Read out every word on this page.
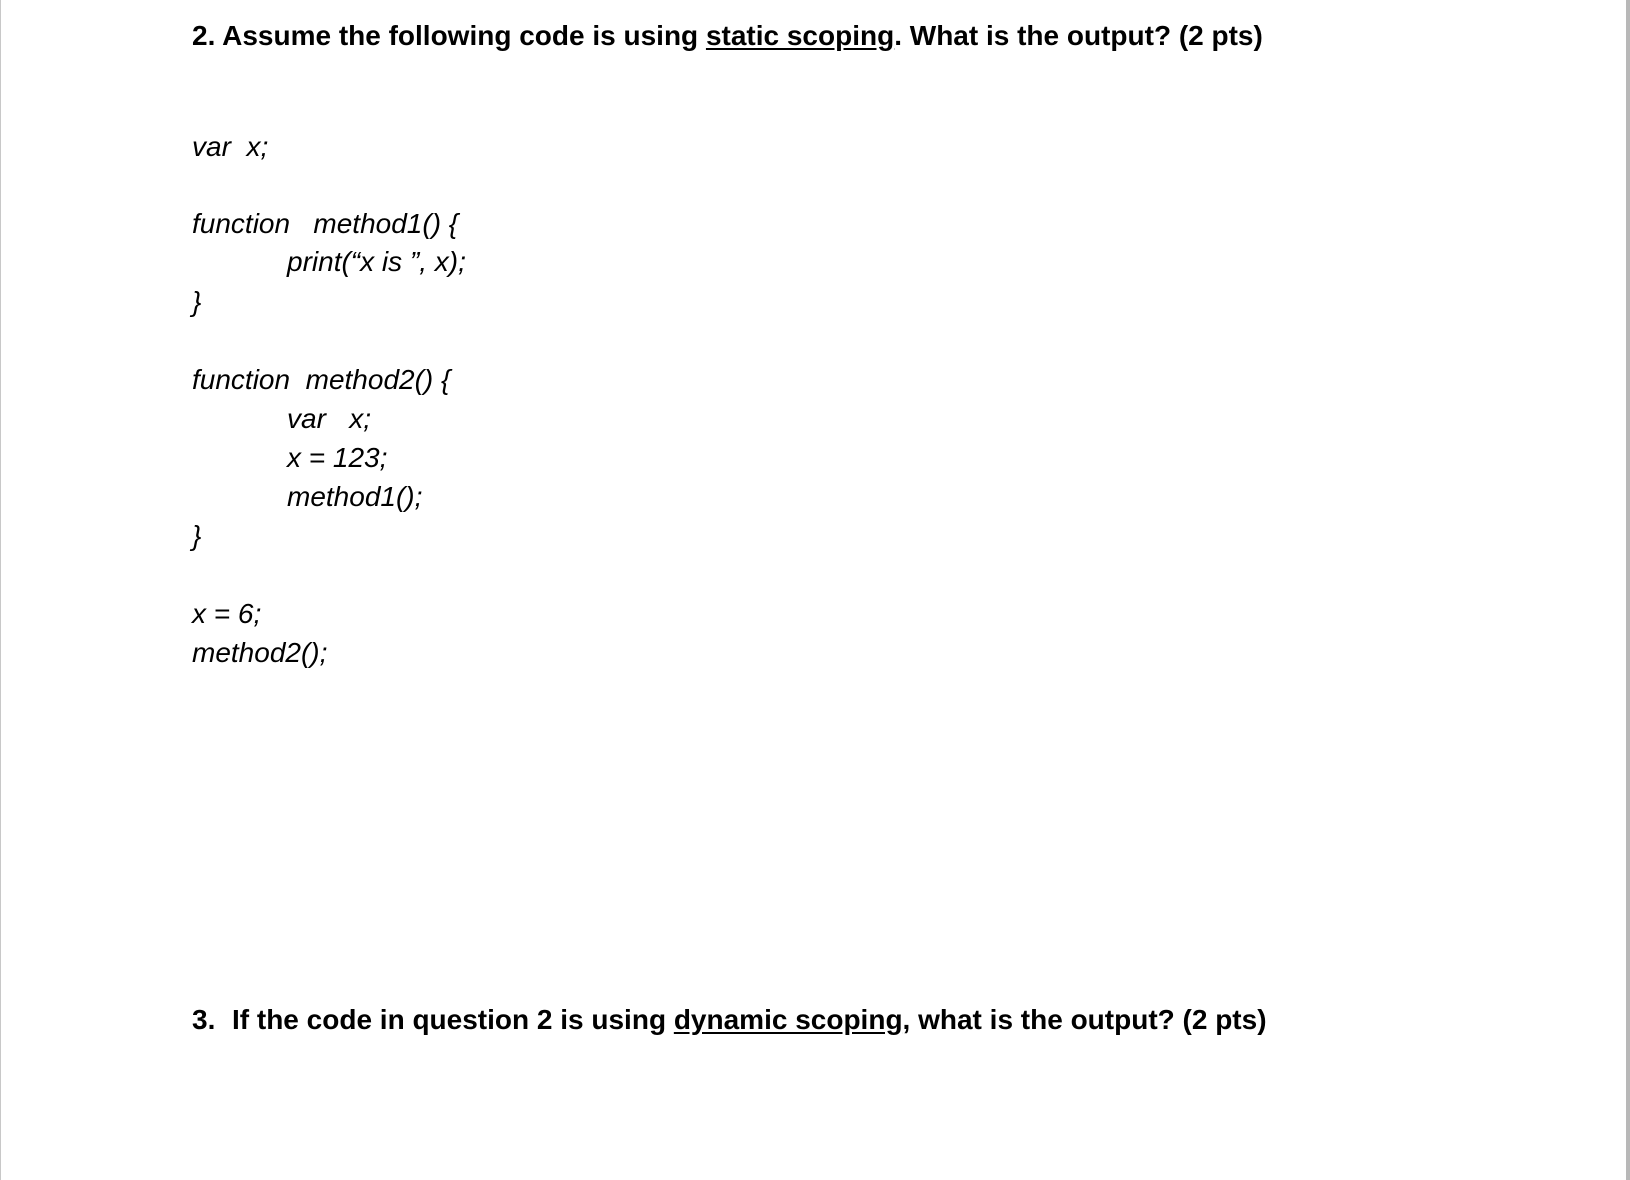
2. Assume the following code is using static scoping. What is the output? (2 pts)

var  x;

function   method1() {

print(“x is ”, x);

}

function  method2() {

var   x;

x = 123;

method1();

}

x = 6;

method2();

3. If the code in question 2 is using dynamic scoping, what is the output? (2 pts)
